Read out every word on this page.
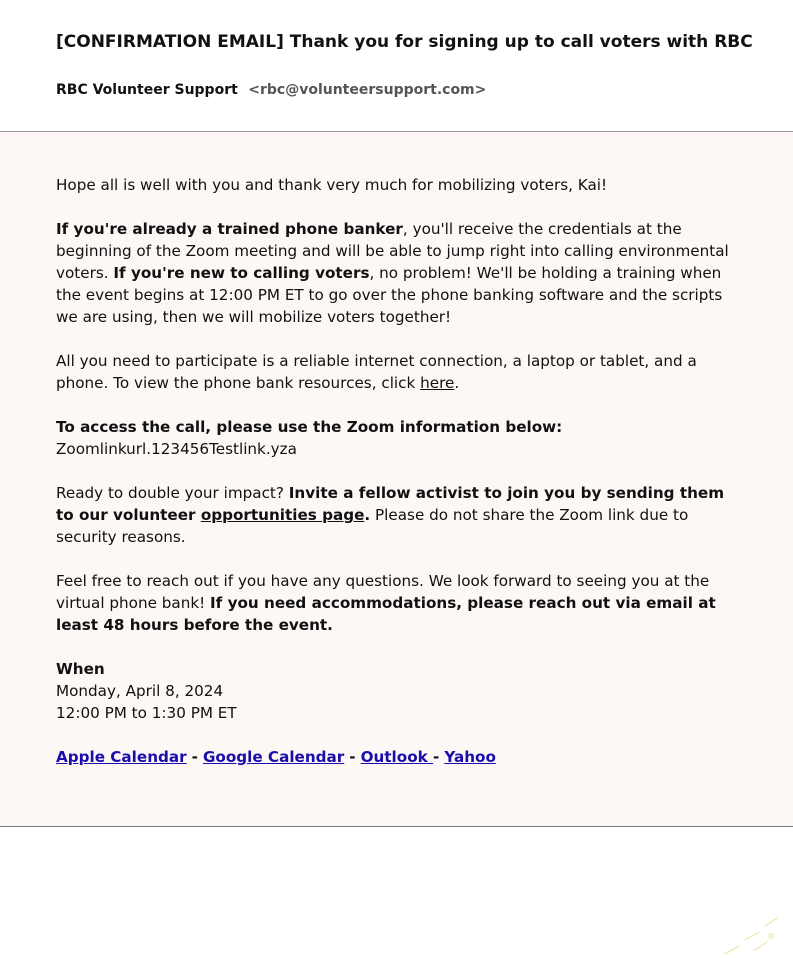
[CONFIRMATION EMAIL] Thank you for signing up to call voters with RBC
RBC Volunteer Support <rbc@volunteersupport.com>

Hope all is well with you and thank very much for mobilizing voters, Kai!

If you're already a trained phone banker, you'll receive the credentials at the beginning of the Zoom meeting and will be able to jump right into calling environmental voters. If you're new to calling voters, no problem! We'll be holding a training when the event begins at 12:00 PM ET to go over the phone banking software and the scripts we are using, then we will mobilize voters together!

All you need to participate is a reliable internet connection, a laptop or tablet, and a phone. To view the phone bank resources, click here.

To access the call, please use the Zoom information below:
Zoomlinkurl.123456Testlink.yza

Ready to double your impact? Invite a fellow activist to join you by sending them to our volunteer opportunities page. Please do not share the Zoom link due to security reasons.

Feel free to reach out if you have any questions. We look forward to seeing you at the virtual phone bank! If you need accommodations, please reach out via email at least 48 hours before the event.

When

Monday, April 8, 2024

12:00 PM to 1:30 PM ET

Apple Calendar - Google Calendar - Outlook - Yahoo
